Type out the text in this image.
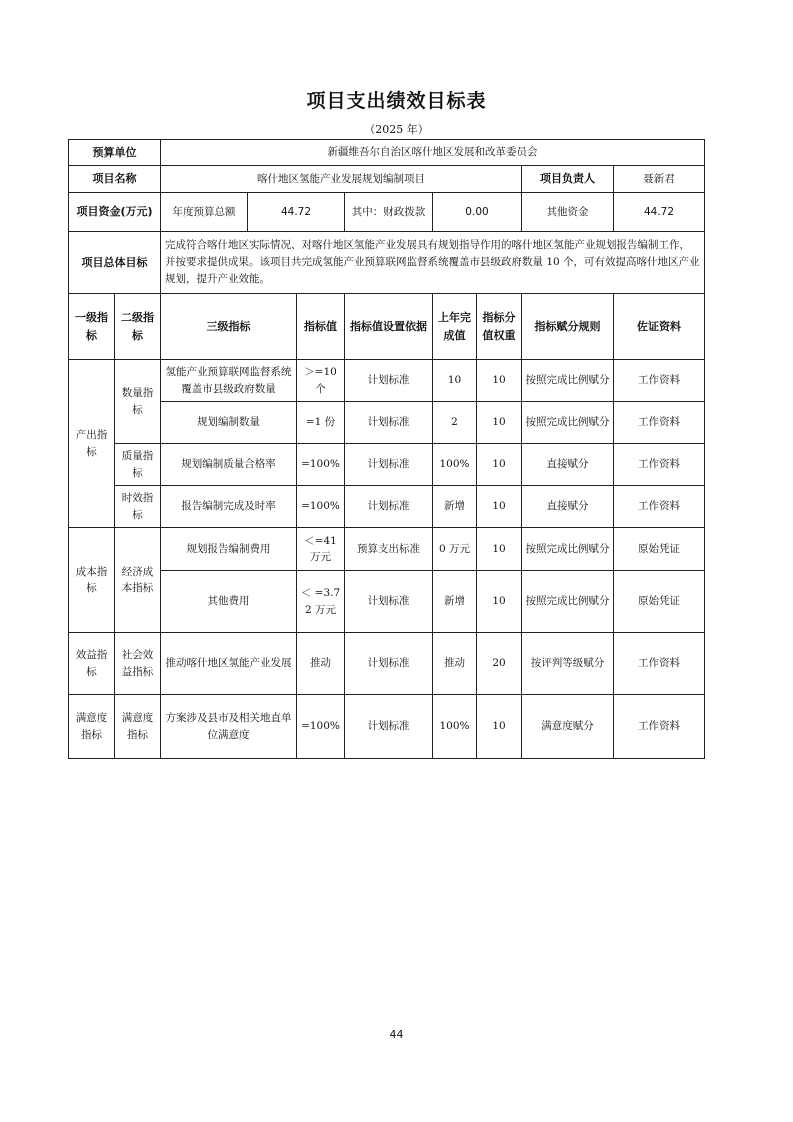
项目支出绩效目标表
（2025 年）
预算单位		新疆维吾尔自治区喀什地区发展和改革委员会							
项目名称		喀什地区氢能产业发展规划编制项目						项目负责人	聂新君
项目资金(万元)		年度预算总额	44.72		其中：财政拨款	0.00		其他资金	44.72
项目总体目标		完成符合喀什地区实际情况、对喀什地区氢能产业发展具有规划指导作用的喀什地区氢能产业规划报告编制工作，并按要求提供成果。该项目共完成氢能产业预算联网监督系统覆盖市县级政府数量 10 个，可有效提高喀什地区产业规划，提升产业效能。							
一级指标	二级指标	三级指标		指标值	指标值设置依据	上年完成值	指标分值权重	指标赋分规则	佐证资料
产出指标	数量指标	氢能产业预算联网监督系统覆盖市县级政府数量		＞=10 个	计划标准	10	10	按照完成比例赋分	工作资料
		规划编制数量		=1 份	计划标准	2	10	按照完成比例赋分	工作资料
	质量指标	规划编制质量合格率		=100%	计划标准	100%	10	直接赋分	工作资料
	时效指标	报告编制完成及时率		=100%	计划标准	新增	10	直接赋分	工作资料
成本指标	经济成本指标	规划报告编制费用		＜=41 万元	预算支出标准	0 万元	10	按照完成比例赋分	原始凭证
		其他费用		＜ =3.72 万元	计划标准	新增	10	按照完成比例赋分	原始凭证
效益指标	社会效益指标	推动喀什地区氢能产业发展		推动	计划标准	推动	20	按评判等级赋分	工作资料
满意度指标	满意度指标	方案涉及县市及相关地直单位满意度		=100%	计划标准	100%	10	满意度赋分	工作资料
44
